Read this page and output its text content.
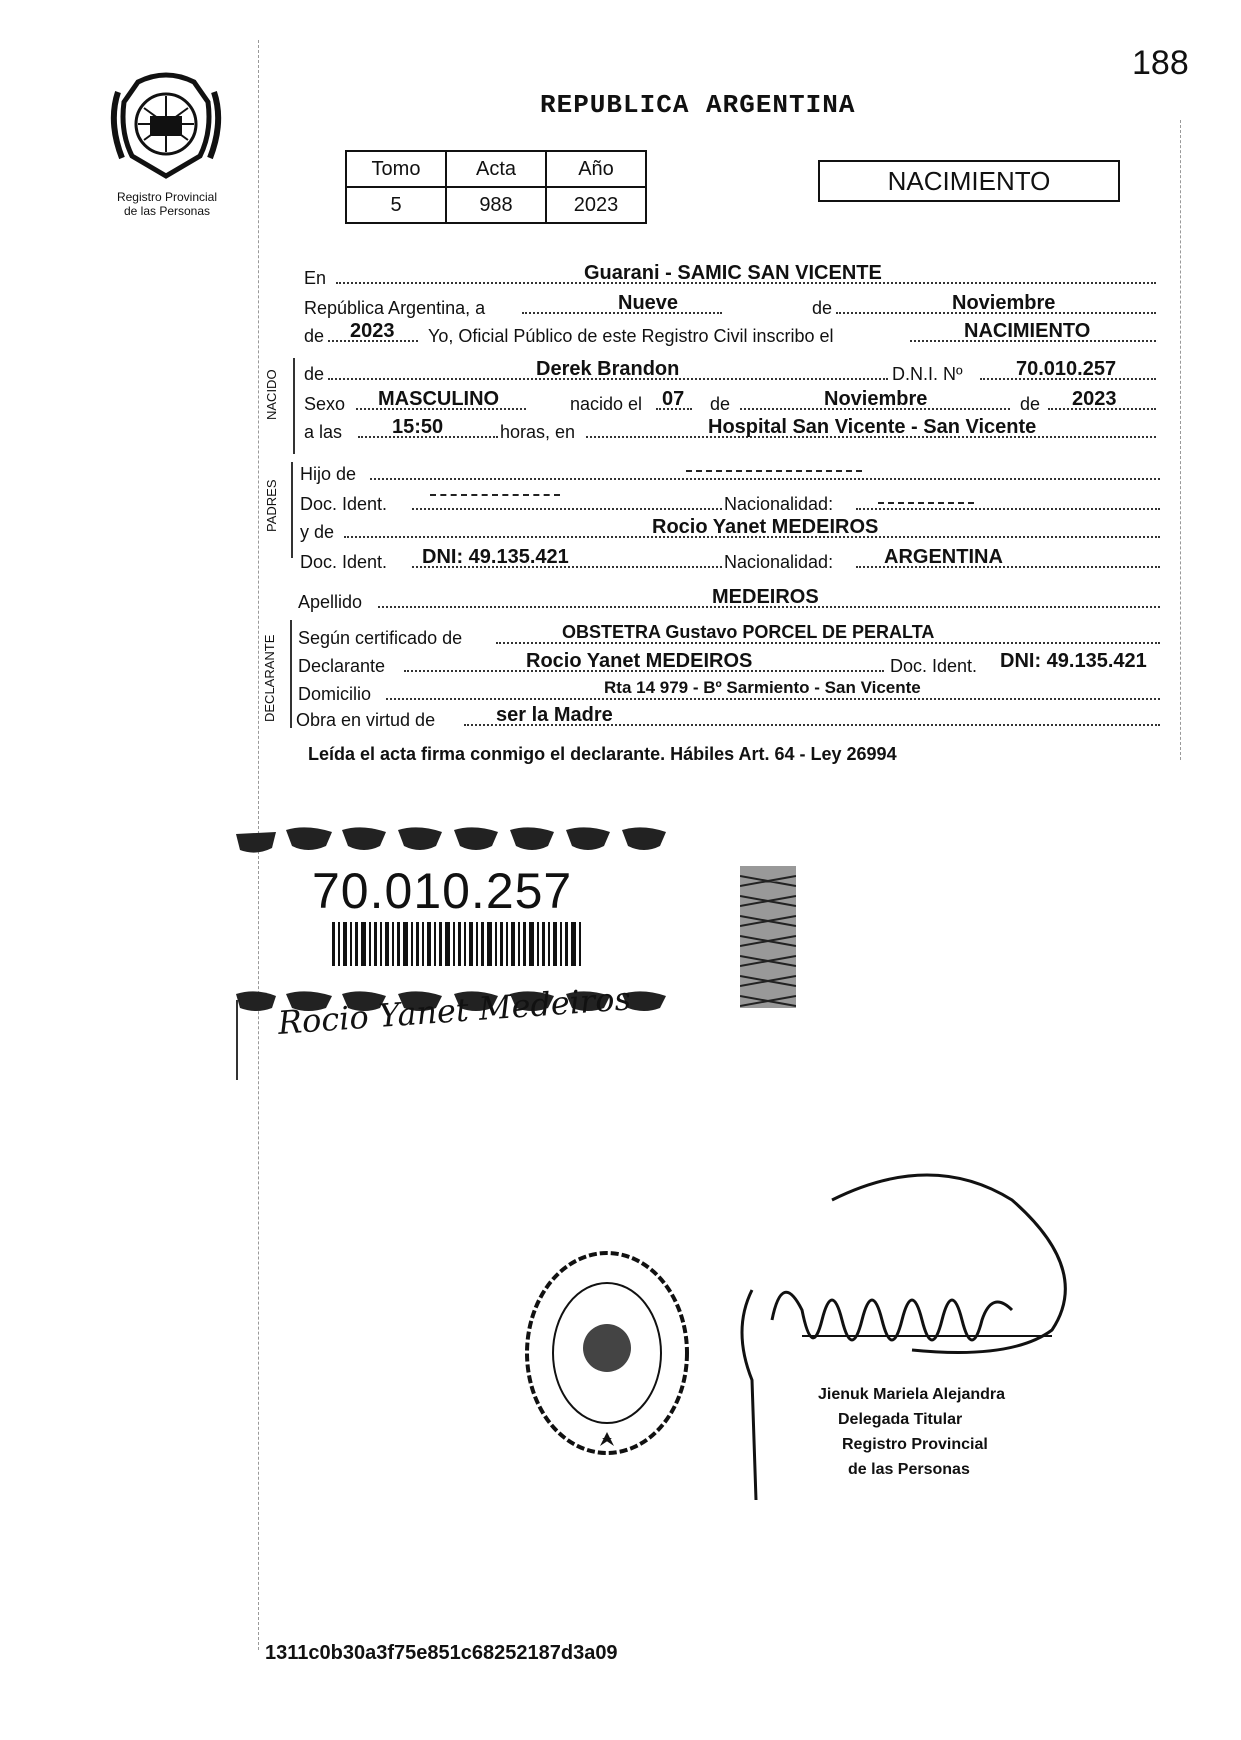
188
Registro Provincial
de las Personas
REPUBLICA ARGENTINA
Tomo	Acta	Año
5	988	2023
NACIMIENTO
NACIDO
PADRES
DECLARANTE
En	Guarani - SAMIC SAN VICENTE
República Argentina, a	Nueve	de	Noviembre
de 2023 Yo, Oficial Público de este Registro Civil inscribo el	NACIMIENTO
de	Derek Brandon	D.N.I. Nº	70.010.257
Sexo MASCULINO	nacido el 07 de	Noviembre	de 2023
a las 15:50	horas, en	Hospital San Vicente - San Vicente
Hijo de
Doc. Ident.	Nacionalidad:
y de	Rocio Yanet MEDEIROS
Doc. Ident. DNI: 49.135.421	Nacionalidad:	ARGENTINA
Apellido	MEDEIROS
Según certificado de	OBSTETRA Gustavo PORCEL DE PERALTA
Declarante	Rocio Yanet MEDEIROS	Doc. Ident. DNI: 49.135.421
Domicilio	Rta 14 979 - Bº Sarmiento - San Vicente
Obra en virtud de	ser la Madre
Leída el acta firma conmigo el declarante. Hábiles Art. 64 - Ley 26994
70.010.257
Rocio Yanet Medeiros
Jienuk Mariela Alejandra
Delegada Titular
Registro Provincial
de las Personas
1311c0b30a3f75e851c68252187d3a09
